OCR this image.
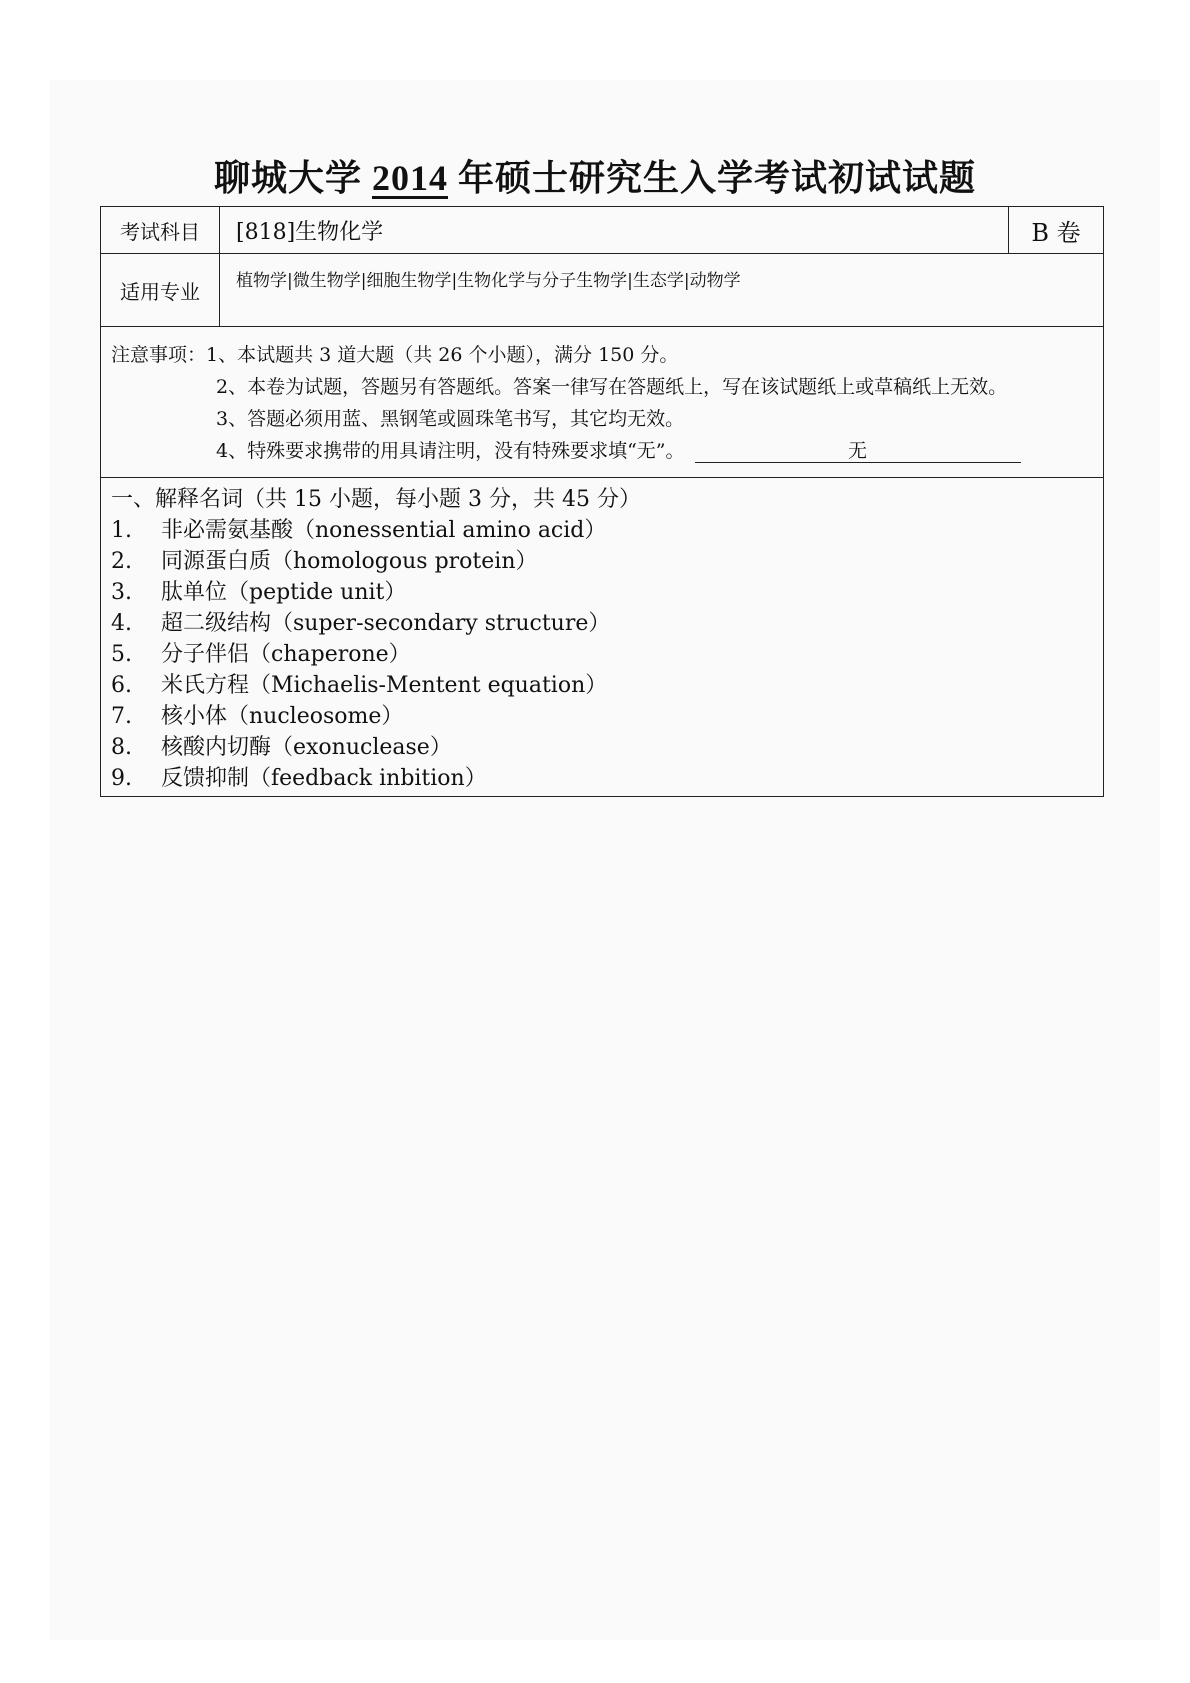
聊城大学 2014 年硕士研究生入学考试初试试题
考试科目	[818]生物化学	B 卷
适用专业	植物学|微生物学|细胞生物学|生物化学与分子生物学|生态学|动物学
注意事项：1、本试题共 3 道大题（共 26 个小题），满分 150 分。
2、本卷为试题，答题另有答题纸。答案一律写在答题纸上，写在该试题纸上或草稿纸上无效。
3、答题必须用蓝、黑钢笔或圆珠笔书写，其它均无效。
4、特殊要求携带的用具请注明，没有特殊要求填“无”。	无
一、解释名词（共 15 小题，每小题 3 分，共 45 分）
1.	非必需氨基酸（nonessential amino acid）
2.	同源蛋白质（homologous protein）
3.	肽单位（peptide unit）
4.	超二级结构（super-secondary structure）
5.	分子伴侣（chaperone）
6.	米氏方程（Michaelis-Mentent equation）
7.	核小体（nucleosome）
8.	核酸内切酶（exonuclease）
9.	反馈抑制（feedback inbition）
